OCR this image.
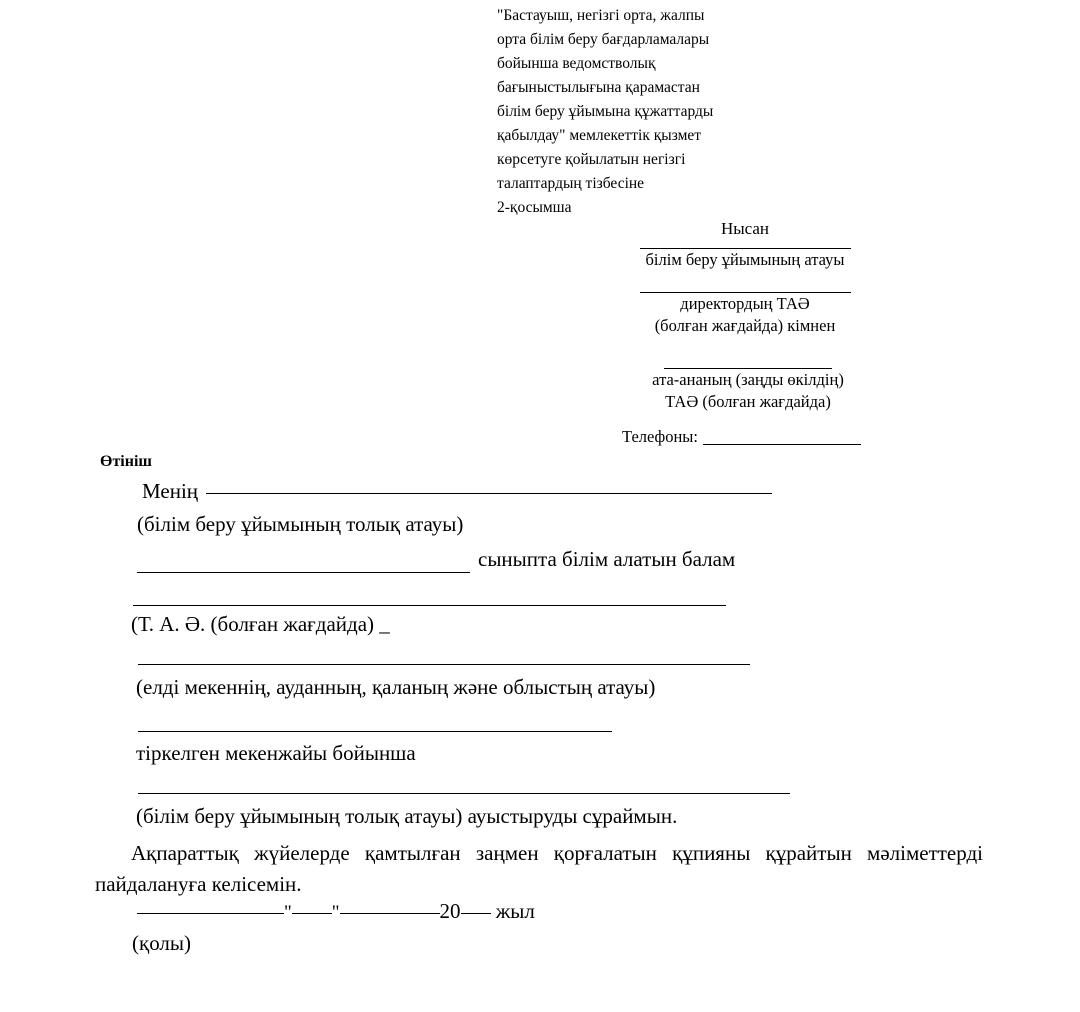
"Бастауыш, негізгі орта, жалпы
орта білім беру бағдарламалары
бойынша ведомстволық
бағыныстылығына қарамастан
білім беру ұйымына құжаттарды
қабылдау" мемлекеттік қызмет
көрсетуге қойылатын негізгі
талаптардың тізбесіне
2-қосымша
Нысан
білім беру ұйымының атауы
директордың ТАӘ
(болған жағдайда) кімнен
ата-ананың (заңды өкілдің)
ТАӘ (болған жағдайда)
Телефоны:
Өтініш
Менің
(білім беру ұйымының толық атауы)
сыныпта білім алатын балам
(Т. А. Ә. (болған жағдайда) _
(елді мекеннің, ауданның, қаланың және облыстың атауы)
тіркелген мекенжайы бойынша
(білім беру ұйымының толық атауы) ауыстыруды сұраймын.
Ақпараттық жүйелерде қамтылған заңмен қорғалатын құпияны құрайтын мәліметтерді пайдалануға келісемін.
" "	20 жыл
(қолы)
